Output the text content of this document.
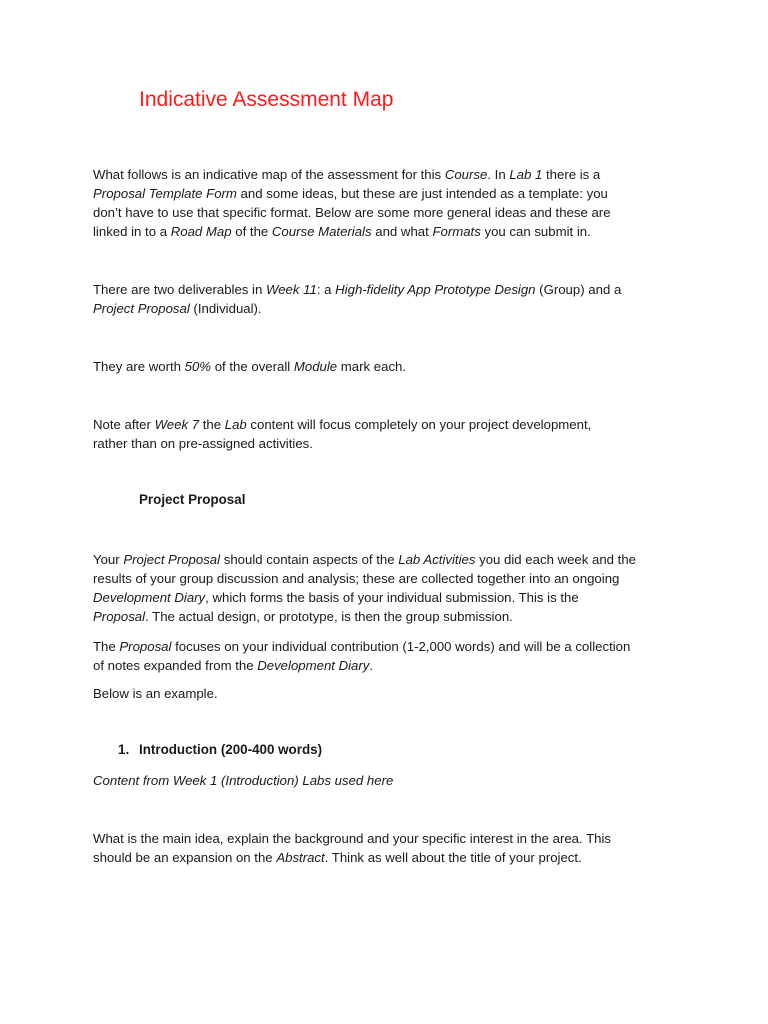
Indicative Assessment Map
What follows is an indicative map of the assessment for this Course. In Lab 1 there is a
Proposal Template Form and some ideas, but these are just intended as a template: you
don’t have to use that specific format. Below are some more general ideas and these are
linked in to a Road Map of the Course Materials and what Formats you can submit in.
There are two deliverables in Week 11: a High-fidelity App Prototype Design (Group) and a
Project Proposal (Individual).
They are worth 50% of the overall Module mark each.
Note after Week 7 the Lab content will focus completely on your project development,
rather than on pre-assigned activities.
Project Proposal
Your Project Proposal should contain aspects of the Lab Activities you did each week and the
results of your group discussion and analysis; these are collected together into an ongoing
Development Diary, which forms the basis of your individual submission. This is the
Proposal. The actual design, or prototype, is then the group submission.
The Proposal focuses on your individual contribution (1-2,000 words) and will be a collection
of notes expanded from the Development Diary.
Below is an example.
1. Introduction (200-400 words)
Content from Week 1 (Introduction) Labs used here
What is the main idea, explain the background and your specific interest in the area. This
should be an expansion on the Abstract. Think as well about the title of your project.
